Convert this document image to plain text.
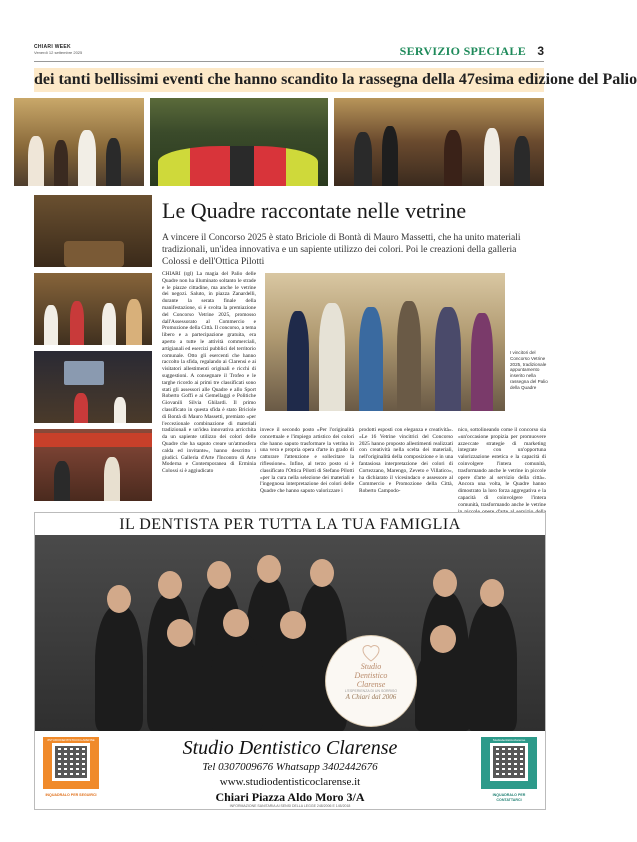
CHIARI WEEK
Venerdì 12 settembre 2025	SERVIZIO SPECIALE 3
dei tanti bellissimi eventi che hanno scandito la rassegna della 47esima edizione del Palio
Le Quadre raccontate nelle vetrine
A vincere il Concorso 2025 è stato Briciole di Bontà di Mauro Massetti, che ha unito materiali tradizionali, un'idea innovativa e un sapiente utilizzo dei colori. Poi le creazioni della galleria Colossi e dell'Ottica Pilotti
CHIARI (rgl) La magia del Palio delle Quadre non ha illuminato soltanto le strade e le piazze cittadine, ma anche le vetrine dei negozi. Saluto, in piazza Zanardelli, durante la serata finale della manifestazione, si è svolta la premiazione del Concorso Vetrine 2025, promosso dall'Assessorato al Commercio e Promozione della Città. Il concorso, a tema libero e a partecipazione gratuita, era aperto a tutte le attività commerciali, artigianali ed esercizi pubblici del territorio comunale. Otto gli esercenti che hanno raccolto la sfida, regalando ai Clarensi e ai visitatori allestimenti originali e ricchi di suggestioni. A consegnare il Trofeo e le targhe ricordo ai primi tre classificati sono stati gli assessori alle Quadre e allo Sport Roberto Goffi e ai Gemellaggi e Politiche Giovanili Silvia Ghilardi. Il primo classificato in questa sfida è stato Briciole di Bontà di Mauro Massetti, premiato «per l'eccezionale combinazione di materiali tradizionali e un'idea innovativa arricchita da un sapiente utilizzo dei colori delle Quadre che ha saputo creare un'atmosfera calda ed invitante», hanno descritto i giudici. Galleria d'Arte l'Incontro di Arte Moderna e Contemporanea di Erminia Colossi si è aggiudicato
I vincitori del Concorso Vetrine 2025, tradizionale appuntamento inserito nella rassegna del Palio della Quadre
invece il secondo posto «Per l'originalità concettuale e l'impiego artistico dei colori che hanno saputo trasformare la vetrina in una vera e propria opera d'arte in grado di catturare l'attenzione e sollecitare la riflessione». Infine, al terzo posto si è classificato l'Ottica Pilotti di Stefano Pilotti «per la cura nella selezione dei materiali e l'ingegnosa interpretazione dei colori delle Quadre che hanno saputo valorizzare i
prodotti esposti con eleganza e creatività». «Le 16 Vetrine vincitrici del Concorso 2025 hanno proposto allestimenti realizzati con creatività nella scelta dei materiali, nell'originalità della composizione e in una fantasiosa interpretazione dei colori di Cortezzano, Marengo, Zeveto e Villatico», ha dichiarato il vicesindaco e assessore al Commercio e Promozione della Città, Roberto Campodo-
nico, sottolineando come il concorso sia «un'occasione propizia per promuovere azzeccate strategie di marketing integrate con un'opportuna valorizzazione estetica e la capacità di coinvolgere l'intera comunità, trasformando anche le vetrine in piccole opere d'arte al servizio della città». Ancora una volta, le Quadre hanno dimostrato la loro forza aggregativa e la capacità di coinvolgere l'intera comunità, trasformando anche le vetrine
IL DENTISTA PER TUTTA LA TUA FAMIGLIA
Studio
Dentistico
Clarense
L'ESPERIENZA DI UN SORRISO
A Chiari dal 2006
#STUDIODENTISTICOCLARENSE
INQUADRALO PER SEGUIRCI
Studiodentisticoclarense
INQUADRALO PER CONTATTARCI
Studio Dentistico Clarense
Tel 0307009676 Whatsapp 3402442676
www.studiodentisticoclarense.it
Chiari Piazza Aldo Moro 3/A
INFORMAZIONE SANITARIA AI SENSI DELLA LEGGE 248/2006 E 145/2018
